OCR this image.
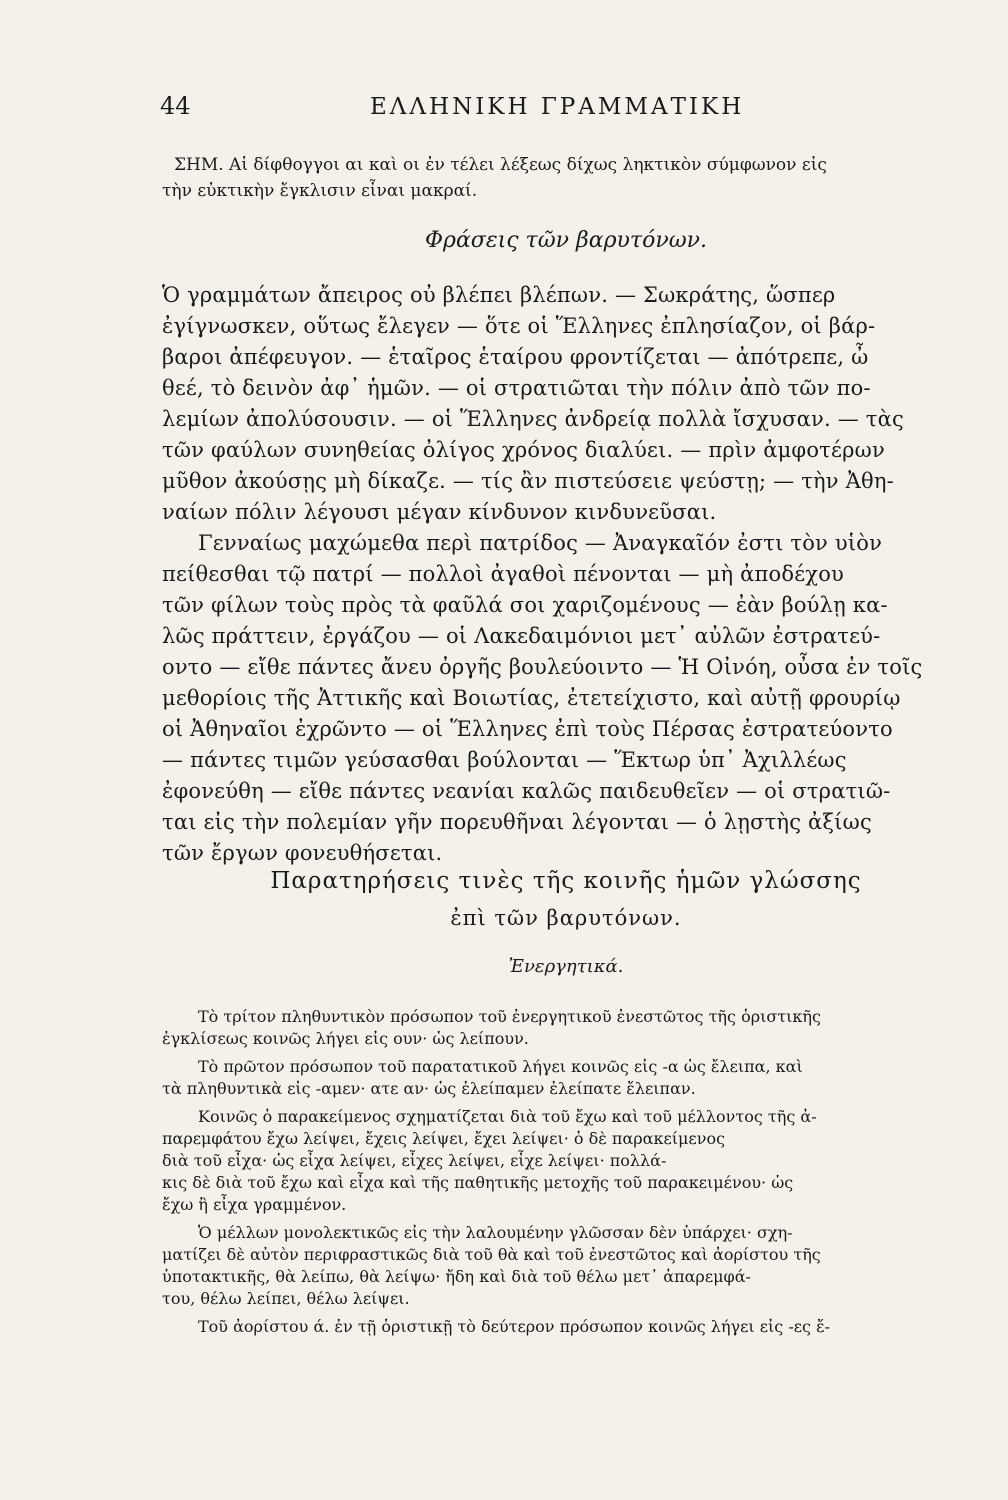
44	ΕΛΛΗΝΙΚΗ ΓΡΑΜΜΑΤΙΚΗ
ΣΗΜ. Αἱ δίφθογγοι αι καὶ οι ἐν τέλει λέξεως δίχως ληκτικὸν σύμφωνον εἰς
τὴν εὐκτικὴν ἔγκλισιν εἶναι μακραί.
Φράσεις τῶν βαρυτόνων.
Ὁ γραμμάτων ἄπειρος οὐ βλέπει βλέπων. — Σωκράτης, ὥσπερ
ἐγίγνωσκεν, οὕτως ἔλεγεν — ὅτε οἱ Ἕλληνες ἐπλησίαζον, οἱ βάρ-
βαροι ἀπέφευγον. — ἑταῖρος ἑταίρου φροντίζεται — ἀπότρεπε, ὦ
θεέ, τὸ δεινὸν ἀφ᾽ ἡμῶν. — οἱ στρατιῶται τὴν πόλιν ἀπὸ τῶν πο-
λεμίων ἀπολύσουσιν. — οἱ Ἕλληνες ἀνδρείᾳ πολλὰ ἴσχυσαν. — τὰς
τῶν φαύλων συνηθείας ὀλίγος χρόνος διαλύει. — πρὶν ἀμφοτέρων
μῦθον ἀκούσῃς μὴ δίκαζε. — τίς ἂν πιστεύσειε ψεύστῃ; — τὴν Ἀθη-
ναίων πόλιν λέγουσι μέγαν κίνδυνον κινδυνεῦσαι.
Γενναίως μαχώμεθα περὶ πατρίδος — Ἀναγκαῖόν ἐστι τὸν υἱὸν
πείθεσθαι τῷ πατρί — πολλοὶ ἀγαθοὶ πένονται — μὴ ἀποδέχου
τῶν φίλων τοὺς πρὸς τὰ φαῦλά σοι χαριζομένους — ἐὰν βούλῃ κα-
λῶς πράττειν, ἐργάζου — οἱ Λακεδαιμόνιοι μετ᾽ αὐλῶν ἐστρατεύ-
οντο — εἴθε πάντες ἄνευ ὀργῆς βουλεύοιντο — Ἡ Οἰνόη, οὖσα ἐν τοῖς
μεθορίοις τῆς Ἀττικῆς καὶ Βοιωτίας, ἐτετείχιστο, καὶ αὐτῇ φρουρίῳ
οἱ Ἀθηναῖοι ἐχρῶντο — οἱ Ἕλληνες ἐπὶ τοὺς Πέρσας ἐστρατεύοντο
— πάντες τιμῶν γεύσασθαι βούλονται — Ἕκτωρ ὑπ᾽ Ἀχιλλέως
ἐφονεύθη — εἴθε πάντες νεανίαι καλῶς παιδευθεῖεν — οἱ στρατιῶ-
ται εἰς τὴν πολεμίαν γῆν πορευθῆναι λέγονται — ὁ λῃστὴς ἀξίως
τῶν ἔργων φονευθήσεται.
Παρατηρήσεις τινὲς τῆς κοινῆς ἡμῶν γλώσσης
ἐπὶ τῶν βαρυτόνων.
Ἐνεργητικά.
Τὸ τρίτον πληθυντικὸν πρόσωπον τοῦ ἐνεργητικοῦ ἐνεστῶτος τῆς ὁριστικῆς
ἐγκλίσεως κοινῶς λήγει εἰς ουν· ὡς λείπουν.
Τὸ πρῶτον πρόσωπον τοῦ παρατατικοῦ λήγει κοινῶς εἰς -α ὡς ἔλειπα, καὶ
τὰ πληθυντικὰ εἰς -αμεν· ατε αν· ὡς ἐλείπαμεν ἐλείπατε ἔλειπαν.
Κοινῶς ὁ παρακείμενος σχηματίζεται διὰ τοῦ ἔχω καὶ τοῦ μέλλοντος τῆς ἀ-
παρεμφάτου ἔχω λείψει, ἔχεις λείψει, ἔχει λείψει· ὁ δὲ παρακείμενος
διὰ τοῦ εἶχα· ὡς εἶχα λείψει, εἶχες λείψει, εἶχε λείψει· πολλά-
κις δὲ διὰ τοῦ ἔχω καὶ εἶχα καὶ τῆς παθητικῆς μετοχῆς τοῦ παρακειμένου· ὡς
ἔχω ἢ εἶχα γραμμένον.
Ὁ μέλλων μονολεκτικῶς εἰς τὴν λαλουμένην γλῶσσαν δὲν ὑπάρχει· σχη-
ματίζει δὲ αὐτὸν περιφραστικῶς διὰ τοῦ θὰ καὶ τοῦ ἐνεστῶτος καὶ ἀορίστου τῆς
ὑποτακτικῆς, θὰ λείπω, θὰ λείψω· ἤδη καὶ διὰ τοῦ θέλω μετ᾽ ἀπαρεμφά-
του, θέλω λείπει, θέλω λείψει.
Τοῦ ἀορίστου ά. ἐν τῇ ὁριστικῇ τὸ δεύτερον πρόσωπον κοινῶς λήγει εἰς -ες ἔ-
